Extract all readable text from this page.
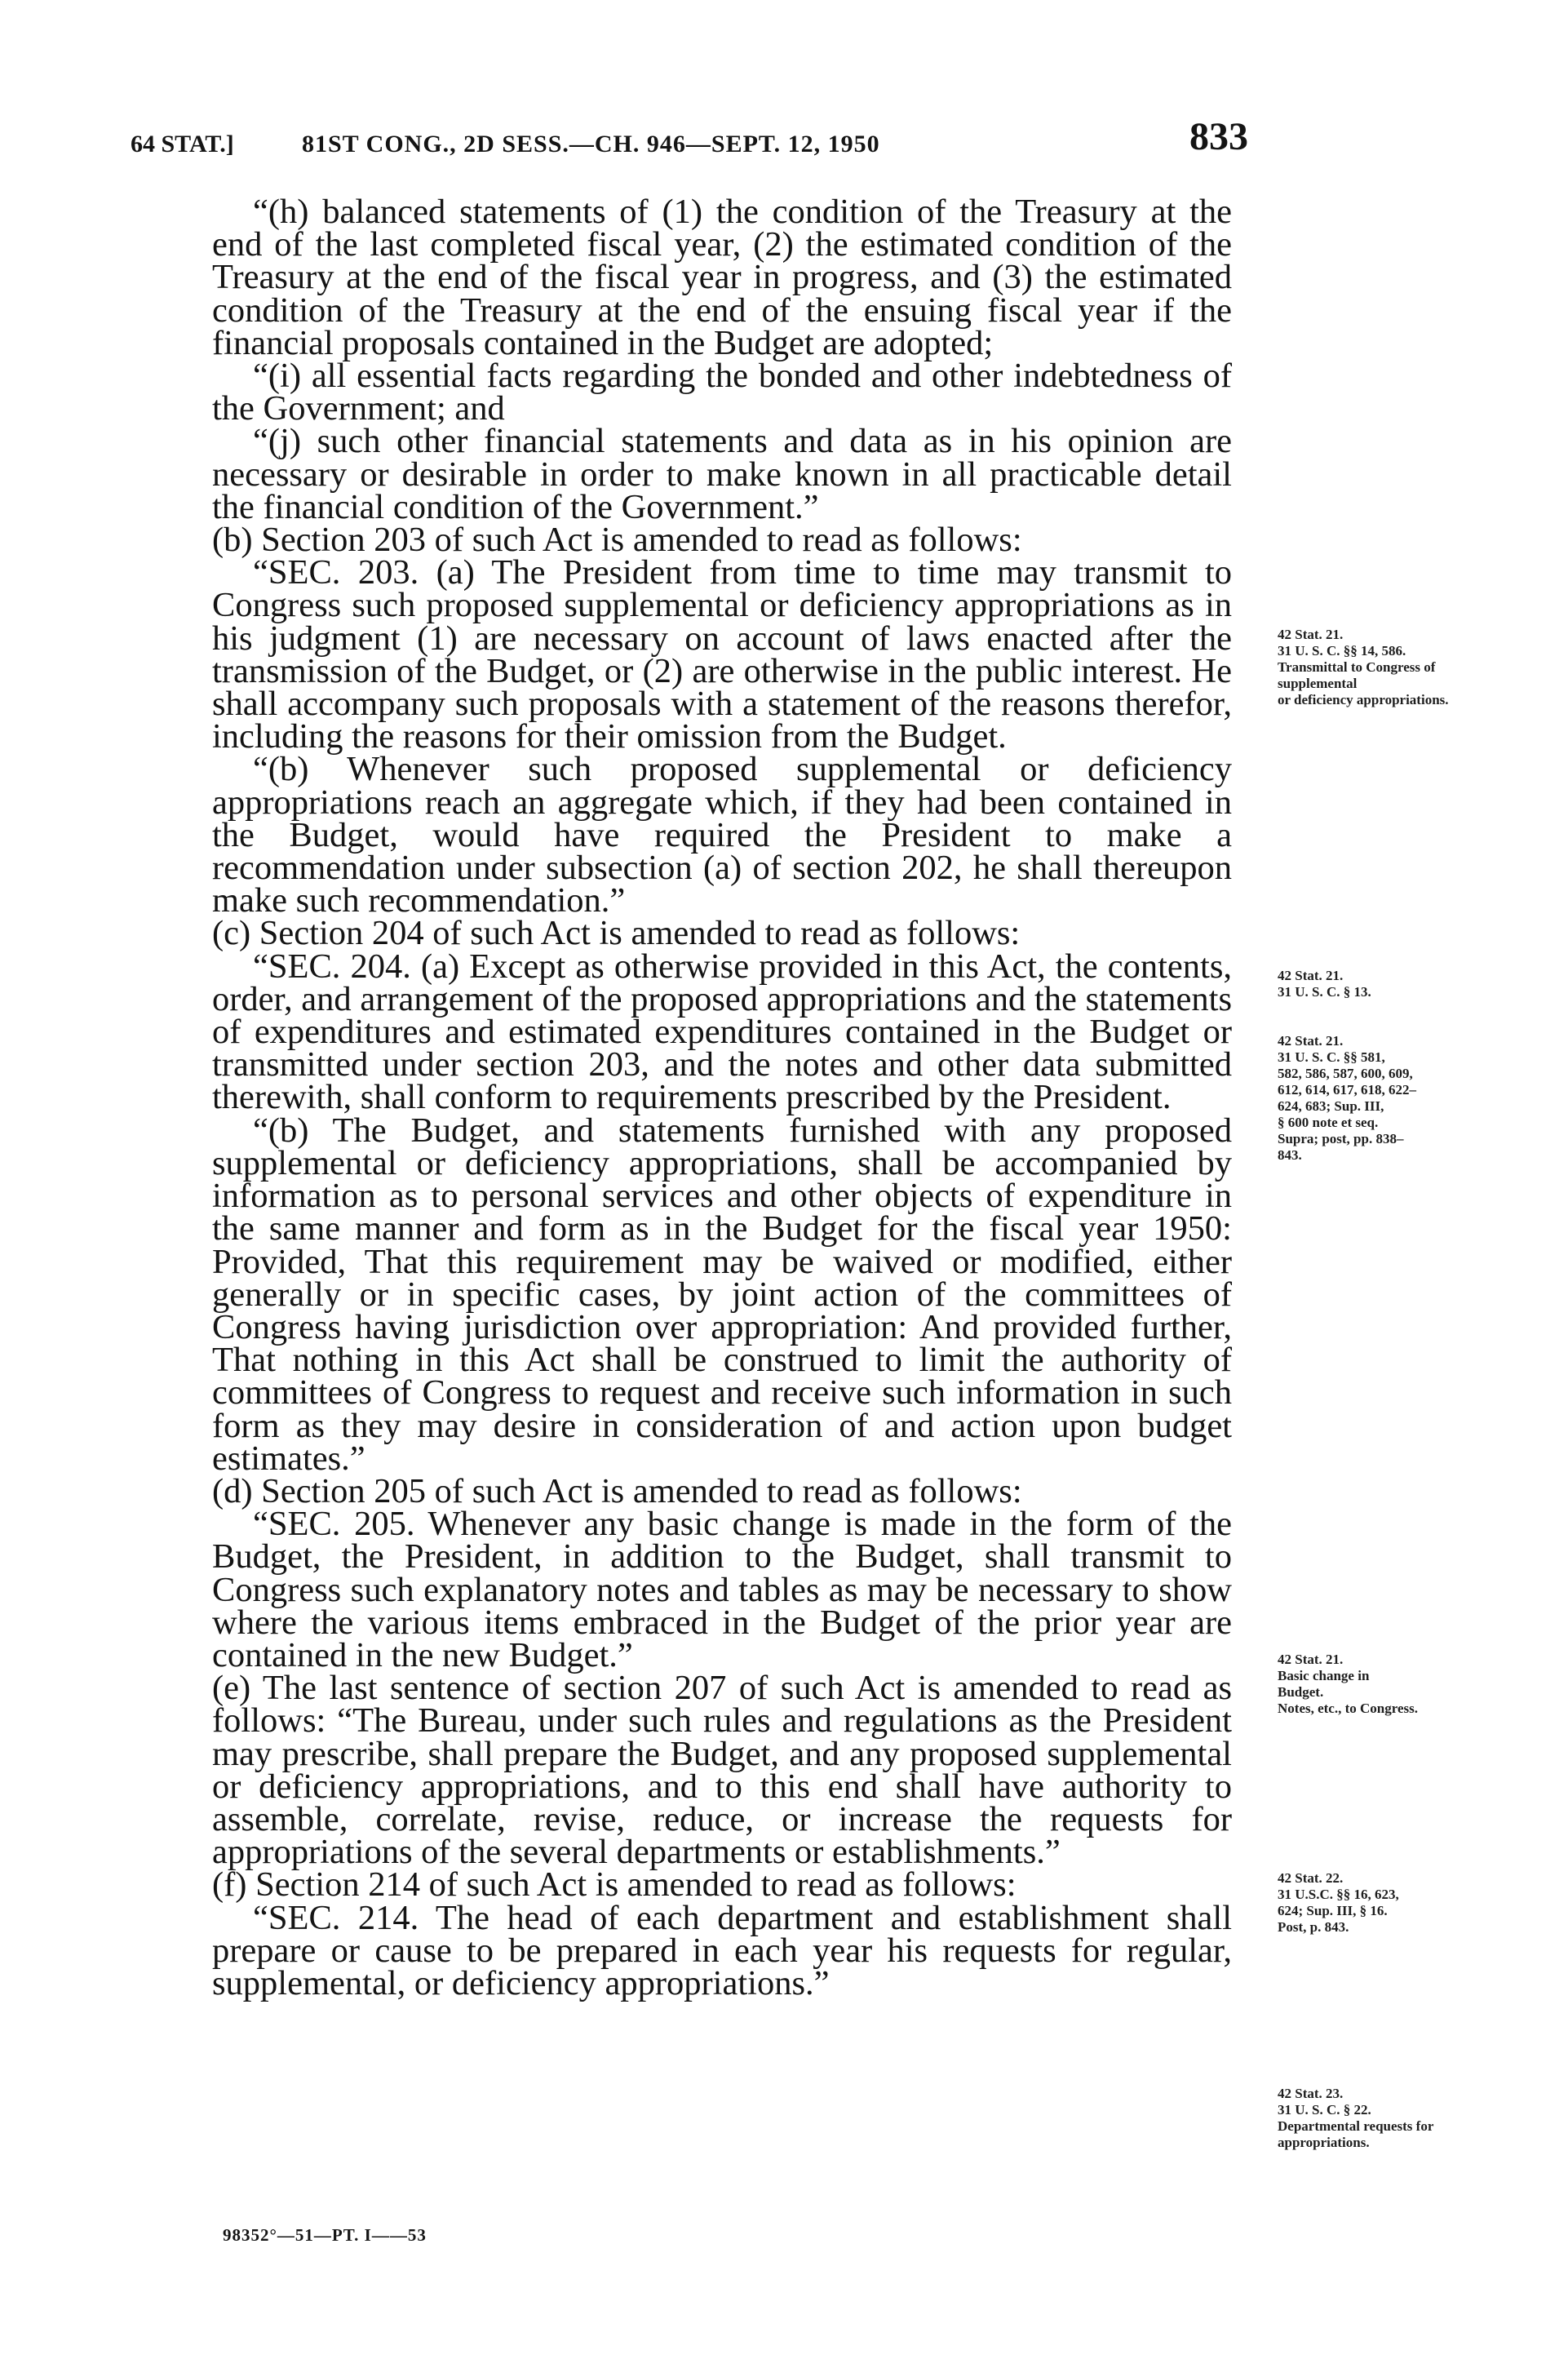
64 STAT.]	81ST CONG., 2D SESS.—CH. 946—SEPT. 12, 1950	833

“(h) balanced statements of (1) the condition of the Treasury at the end of the last completed fiscal year, (2) the estimated condition of the Treasury at the end of the fiscal year in progress, and (3) the estimated condition of the Treasury at the end of the ensuing fiscal year if the financial proposals contained in the Budget are adopted;

“(i) all essential facts regarding the bonded and other indebtedness of the Government; and

“(j) such other financial statements and data as in his opinion are necessary or desirable in order to make known in all practicable detail the financial condition of the Government.”

(b) Section 203 of such Act is amended to read as follows:

“SEC. 203. (a) The President from time to time may transmit to Congress such proposed supplemental or deficiency appropriations as in his judgment (1) are necessary on account of laws enacted after the transmission of the Budget, or (2) are otherwise in the public interest. He shall accompany such proposals with a statement of the reasons therefor, including the reasons for their omission from the Budget.

“(b) Whenever such proposed supplemental or deficiency appropriations reach an aggregate which, if they had been contained in the Budget, would have required the President to make a recommendation under subsection (a) of section 202, he shall thereupon make such recommendation.”

(c) Section 204 of such Act is amended to read as follows:

“SEC. 204. (a) Except as otherwise provided in this Act, the contents, order, and arrangement of the proposed appropriations and the statements of expenditures and estimated expenditures contained in the Budget or transmitted under section 203, and the notes and other data submitted therewith, shall conform to requirements prescribed by the President.

“(b) The Budget, and statements furnished with any proposed supplemental or deficiency appropriations, shall be accompanied by information as to personal services and other objects of expenditure in the same manner and form as in the Budget for the fiscal year 1950: Provided, That this requirement may be waived or modified, either generally or in specific cases, by joint action of the committees of Congress having jurisdiction over appropriation: And provided further, That nothing in this Act shall be construed to limit the authority of committees of Congress to request and receive such information in such form as they may desire in consideration of and action upon budget estimates.”

(d) Section 205 of such Act is amended to read as follows:

“SEC. 205. Whenever any basic change is made in the form of the Budget, the President, in addition to the Budget, shall transmit to Congress such explanatory notes and tables as may be necessary to show where the various items embraced in the Budget of the prior year are contained in the new Budget.”

(e) The last sentence of section 207 of such Act is amended to read as follows: “The Bureau, under such rules and regulations as the President may prescribe, shall prepare the Budget, and any proposed supplemental or deficiency appropriations, and to this end shall have authority to assemble, correlate, revise, reduce, or increase the requests for appropriations of the several departments or establishments.”

(f) Section 214 of such Act is amended to read as follows:

“SEC. 214. The head of each department and establishment shall prepare or cause to be prepared in each year his requests for regular, supplemental, or deficiency appropriations.”

42 Stat. 21.
31 U. S. C. §§ 14, 586.
Transmittal to Congress of supplemental
or deficiency appropriations.
42 Stat. 21.
31 U. S. C. § 13.
42 Stat. 21.
31 U. S. C. §§ 581,
582, 586, 587, 600, 609,
612, 614, 617, 618, 622–
624, 683; Sup. III,
§ 600 note et seq.
Supra; post, pp. 838–
843.
42 Stat. 21.
Basic change in
Budget.
Notes, etc., to Congress.
42 Stat. 22.
31 U.S.C. §§ 16, 623,
624; Sup. III, § 16.
Post, p. 843.
42 Stat. 23.
31 U. S. C. § 22.
Departmental requests for appropriations.
98352°—51—PT. I——53
